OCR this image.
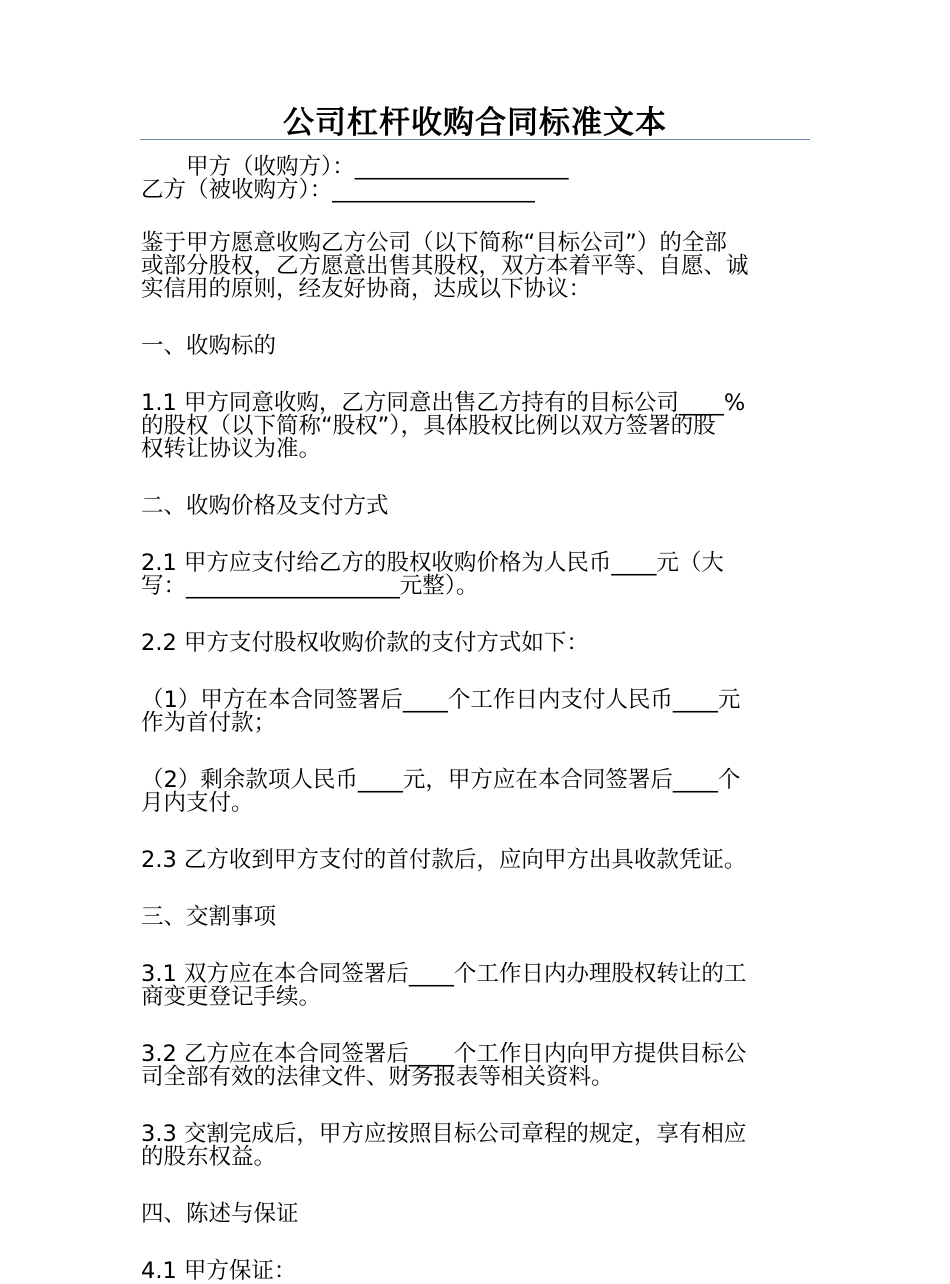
公司杠杆收购合同标准文本

甲方（收购方）：___________________

乙方（被收购方）：__________________

鉴于甲方愿意收购乙方公司（以下简称“目标公司”）的全部

或部分股权，乙方愿意出售其股权，双方本着平等、自愿、诚

实信用的原则，经友好协商，达成以下协议：

一、收购标的

1.1 甲方同意收购，乙方同意出售乙方持有的目标公司____%

的股权（以下简称“股权”），具体股权比例以双方签署的股

权转让协议为准。

二、收购价格及支付方式

2.1 甲方应支付给乙方的股权收购价格为人民币____元（大

写：___________________元整）。

2.2 甲方支付股权收购价款的支付方式如下：

（1）甲方在本合同签署后____个工作日内支付人民币____元

作为首付款；

（2）剩余款项人民币____元，甲方应在本合同签署后____个

月内支付。

2.3 乙方收到甲方支付的首付款后，应向甲方出具收款凭证。

三、交割事项

3.1 双方应在本合同签署后____个工作日内办理股权转让的工

商变更登记手续。

3.2 乙方应在本合同签署后____个工作日内向甲方提供目标公

司全部有效的法律文件、财务报表等相关资料。

3.3 交割完成后，甲方应按照目标公司章程的规定，享有相应

的股东权益。

四、陈述与保证

4.1 甲方保证：
